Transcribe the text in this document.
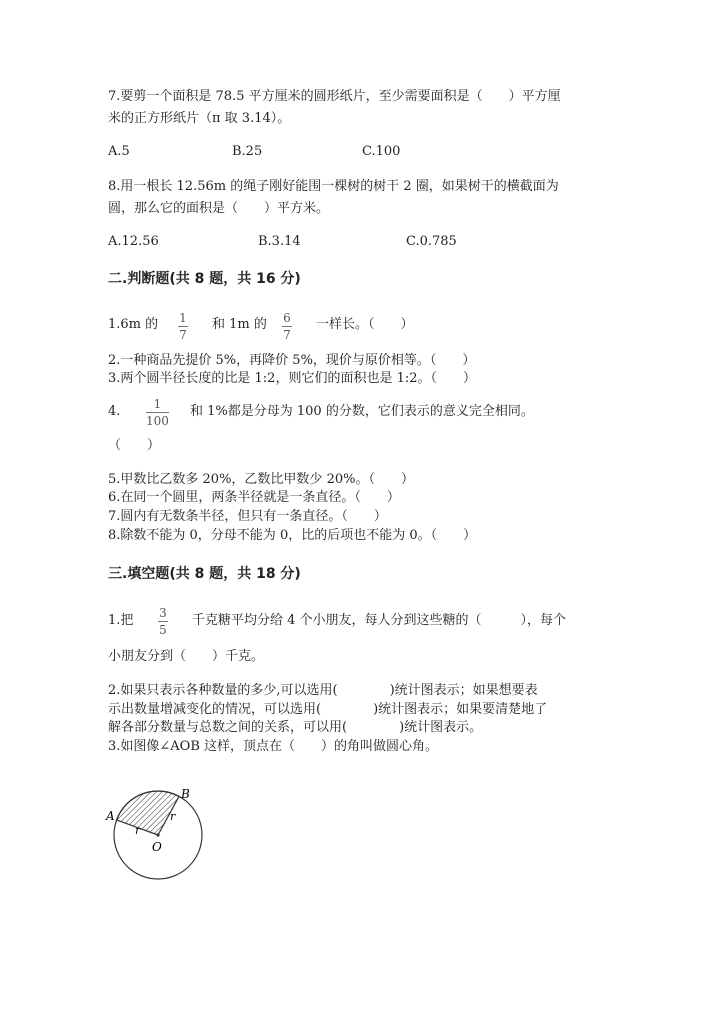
7.要剪一个面积是 78.5 平方厘米的圆形纸片，至少需要面积是（　　）平方厘
米的正方形纸片（π 取 3.14）。
A.5	B.25	C.100
8.用一根长 12.56m 的绳子刚好能围一棵树的树干 2 圈，如果树干的横截面为
圆，那么它的面积是（　　）平方米。
A.12.56	B.3.14	C.0.785
二.判断题(共 8 题，共 16 分)
1.6m 的 1
7
和 1m 的 6
7
一样长。（　　）
2.一种商品先提价 5%，再降价 5%，现价与原价相等。（　　）
3.两个圆半径长度的比是 1:2，则它们的面积也是 1:2。（　　）
4.	1
100
和 1%都是分母为 100 的分数，它们表示的意义完全相同。
（　　）
5.甲数比乙数多 20%，乙数比甲数少 20%。（　　）
6.在同一个圆里，两条半径就是一条直径。（　　）
7.圆内有无数条半径，但只有一条直径。（　　）
8.除数不能为 0，分母不能为 0，比的后项也不能为 0。（　　）
三.填空题(共 8 题，共 18 分)
1.把 3
5
千克糖平均分给 4 个小朋友，每人分到这些糖的（　　　），每个
小朋友分到（　　）千克。
2.如果只表示各种数量的多少,可以选用(　　　　)统计图表示；如果想要表
示出数量增减变化的情况，可以选用(　　　　)统计图表示；如果要清楚地了
解各部分数量与总数之间的关系，可以用(　　　　)统计图表示。
3.如图像∠AOB 这样，顶点在（　　）的角叫做圆心角。
A
B
O
r
r
